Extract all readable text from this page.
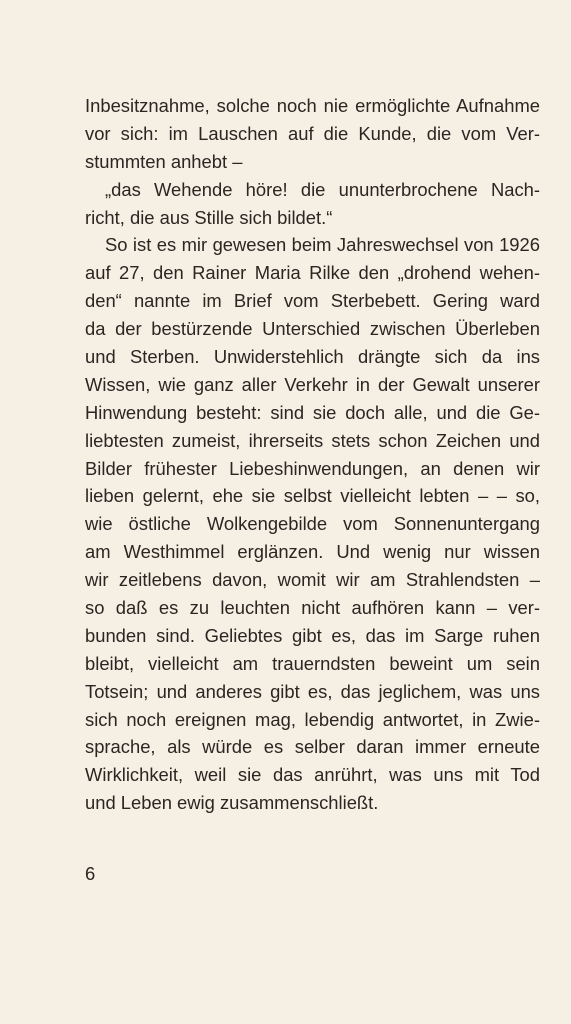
Inbesitznahme, solche noch nie ermöglichte Aufnahme
vor sich: im Lauschen auf die Kunde, die vom Ver-
stummten anhebt –
„das Wehende höre! die ununterbrochene Nach-
richt, die aus Stille sich bildet.“
So ist es mir gewesen beim Jahreswechsel von 1926
auf 27, den Rainer Maria Rilke den „drohend wehen-
den“ nannte im Brief vom Sterbebett. Gering ward
da der bestürzende Unterschied zwischen Überleben
und Sterben. Unwiderstehlich drängte sich da ins
Wissen, wie ganz aller Verkehr in der Gewalt unserer
Hinwendung besteht: sind sie doch alle, und die Ge-
liebtesten zumeist, ihrerseits stets schon Zeichen und
Bilder frühester Liebeshinwendungen, an denen wir
lieben gelernt, ehe sie selbst vielleicht lebten – – so,
wie östliche Wolkengebilde vom Sonnenuntergang
am Westhimmel erglänzen. Und wenig nur wissen
wir zeitlebens davon, womit wir am Strahlendsten –
so daß es zu leuchten nicht aufhören kann – ver-
bunden sind. Geliebtes gibt es, das im Sarge ruhen
bleibt, vielleicht am trauerndsten beweint um sein
Totsein; und anderes gibt es, das jeglichem, was uns
sich noch ereignen mag, lebendig antwortet, in Zwie-
sprache, als würde es selber daran immer erneute
Wirklichkeit, weil sie das anrührt, was uns mit Tod
und Leben ewig zusammenschließt.
6
